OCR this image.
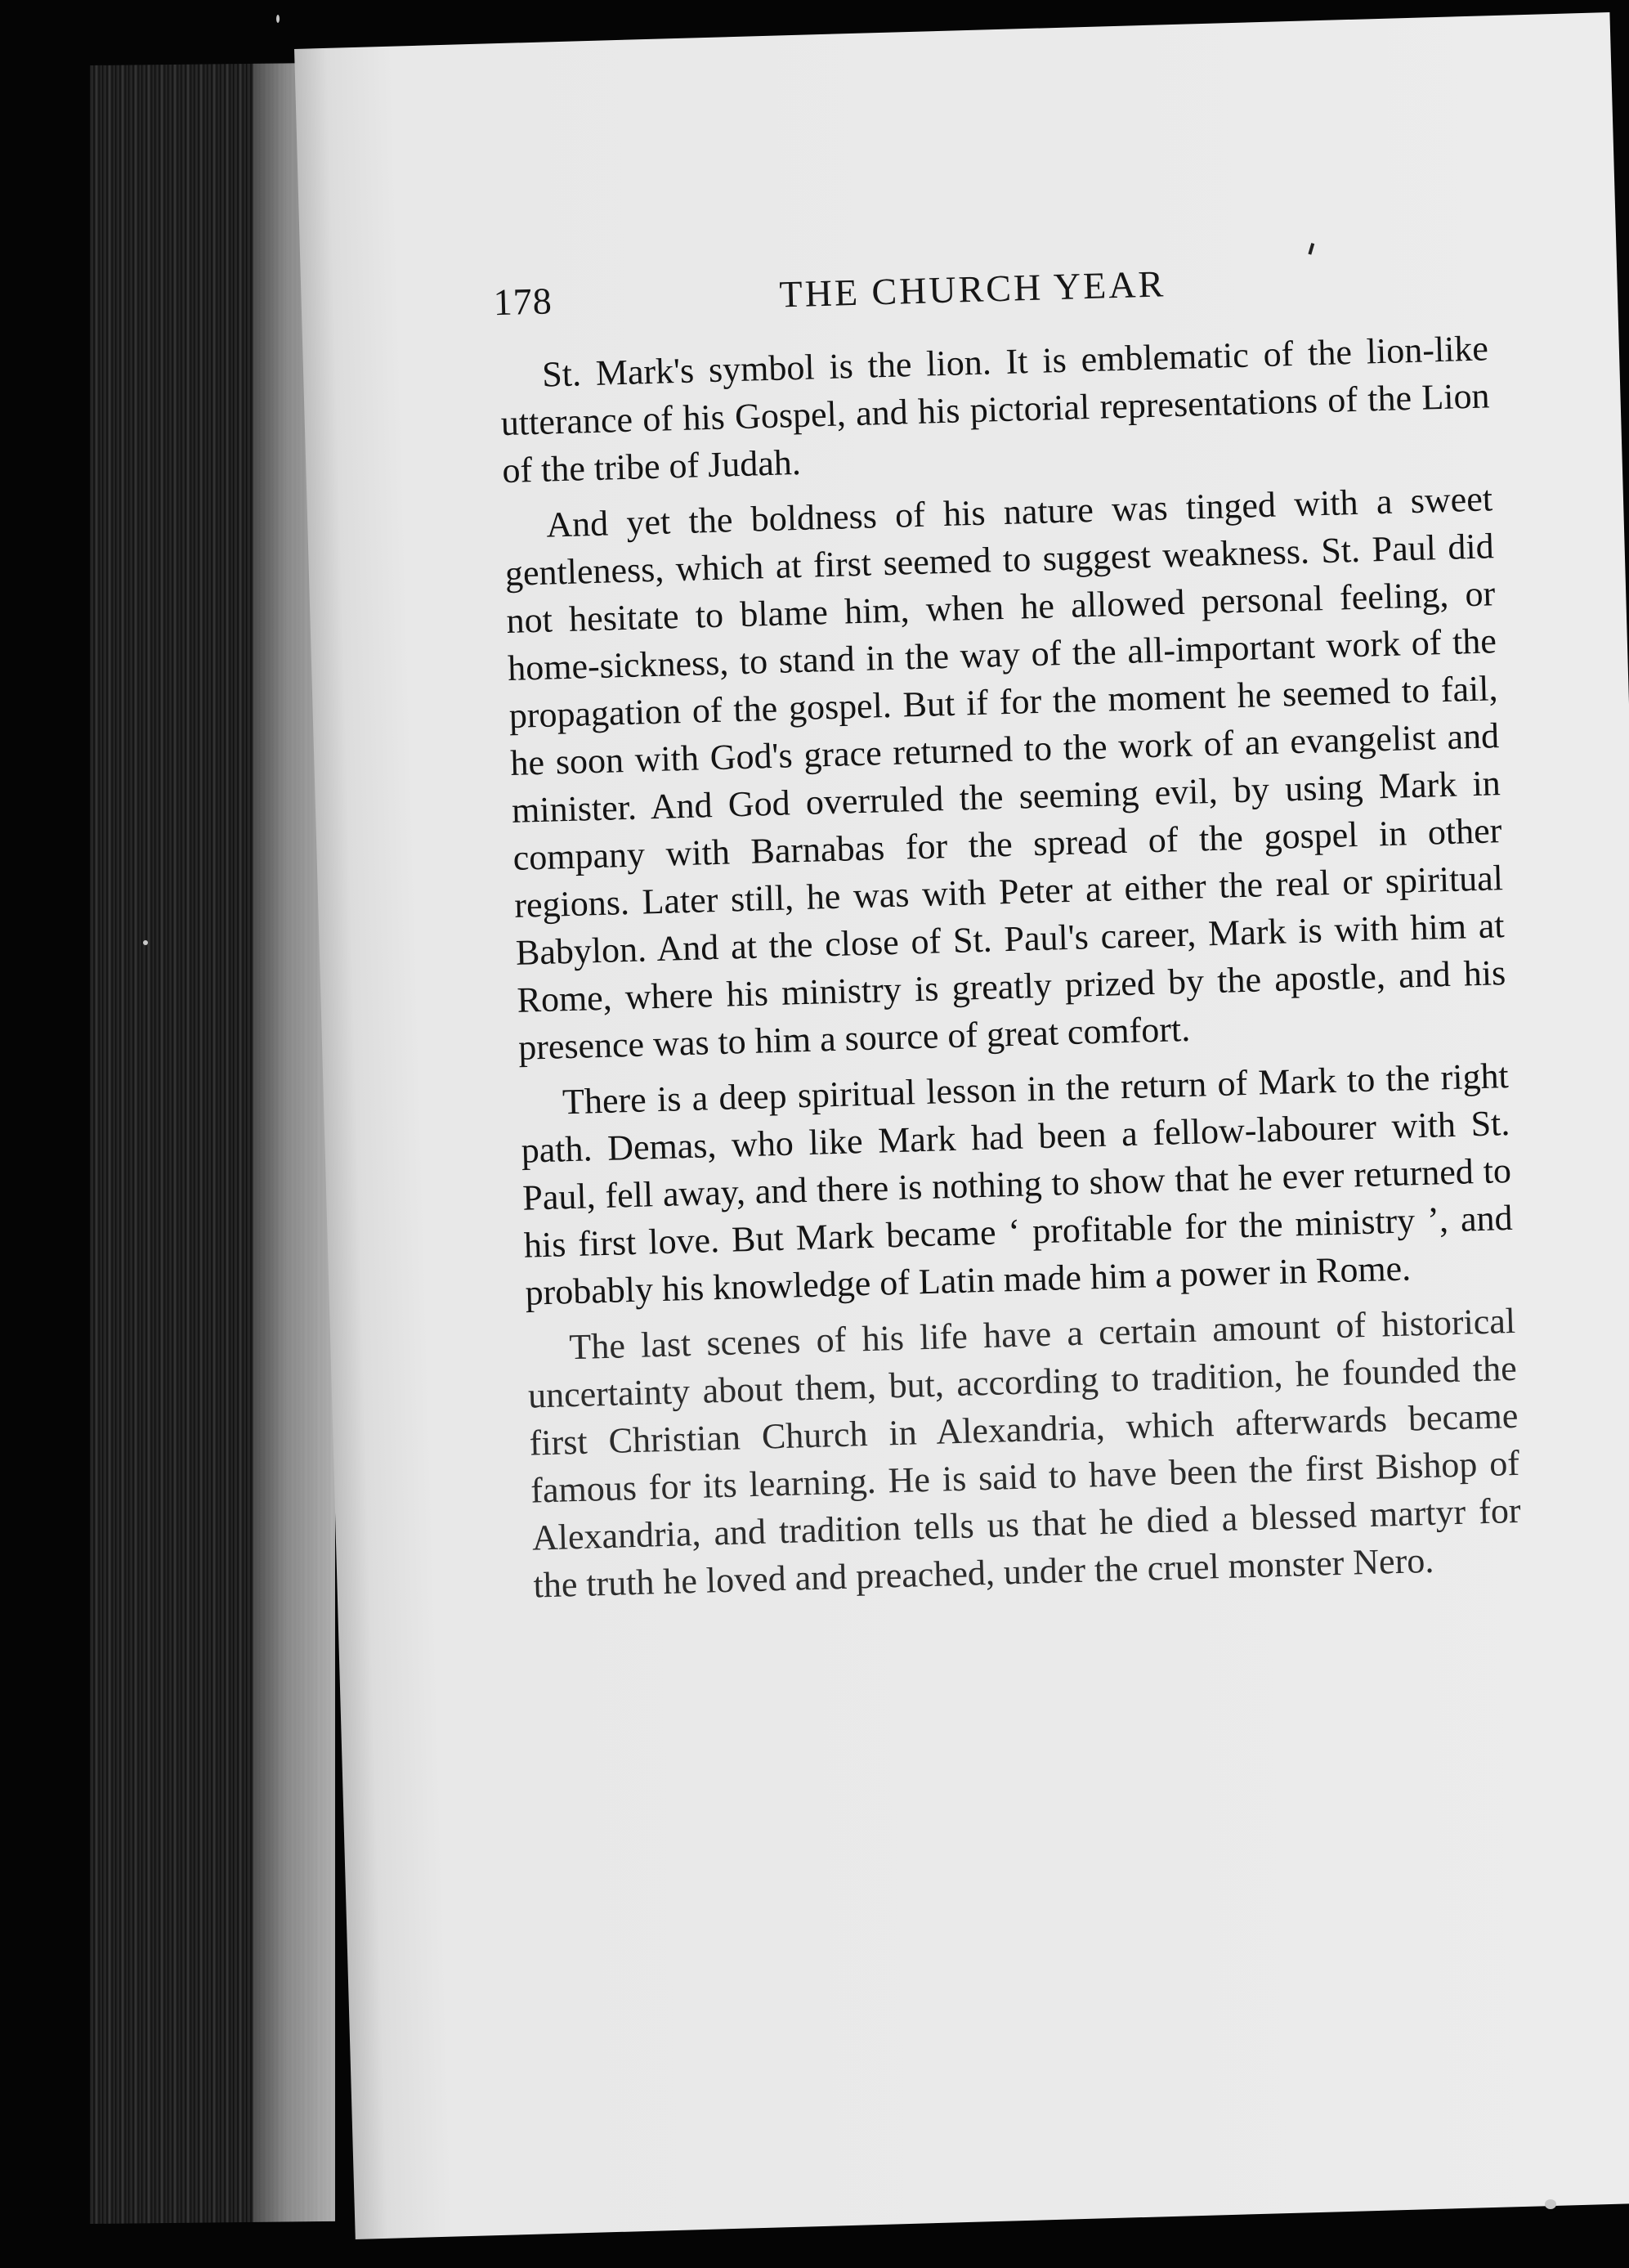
178	THE CHURCH YEAR

St. Mark's symbol is the lion. It is emblematic of the lion-like utterance of his Gospel, and his pictorial representations of the Lion of the tribe of Judah.

And yet the boldness of his nature was tinged with a sweet gentleness, which at first seemed to suggest weakness. St. Paul did not hesitate to blame him, when he allowed personal feeling, or home-sickness, to stand in the way of the all-important work of the propagation of the gospel. But if for the moment he seemed to fail, he soon with God's grace returned to the work of an evangelist and minister. And God overruled the seeming evil, by using Mark in company with Barnabas for the spread of the gospel in other regions. Later still, he was with Peter at either the real or spiritual Babylon. And at the close of St. Paul's career, Mark is with him at Rome, where his ministry is greatly prized by the apostle, and his presence was to him a source of great comfort.

There is a deep spiritual lesson in the return of Mark to the right path. Demas, who like Mark had been a fellow-labourer with St. Paul, fell away, and there is nothing to show that he ever returned to his first love. But Mark became ‘ profitable for the ministry ’, and probably his knowledge of Latin made him a power in Rome.

The last scenes of his life have a certain amount of historical uncertainty about them, but, according to tradition, he founded the first Christian Church in Alexandria, which afterwards became famous for its learning. He is said to have been the first Bishop of Alexandria, and tradition tells us that he died a blessed martyr for the truth he loved and preached, under the cruel monster Nero.
